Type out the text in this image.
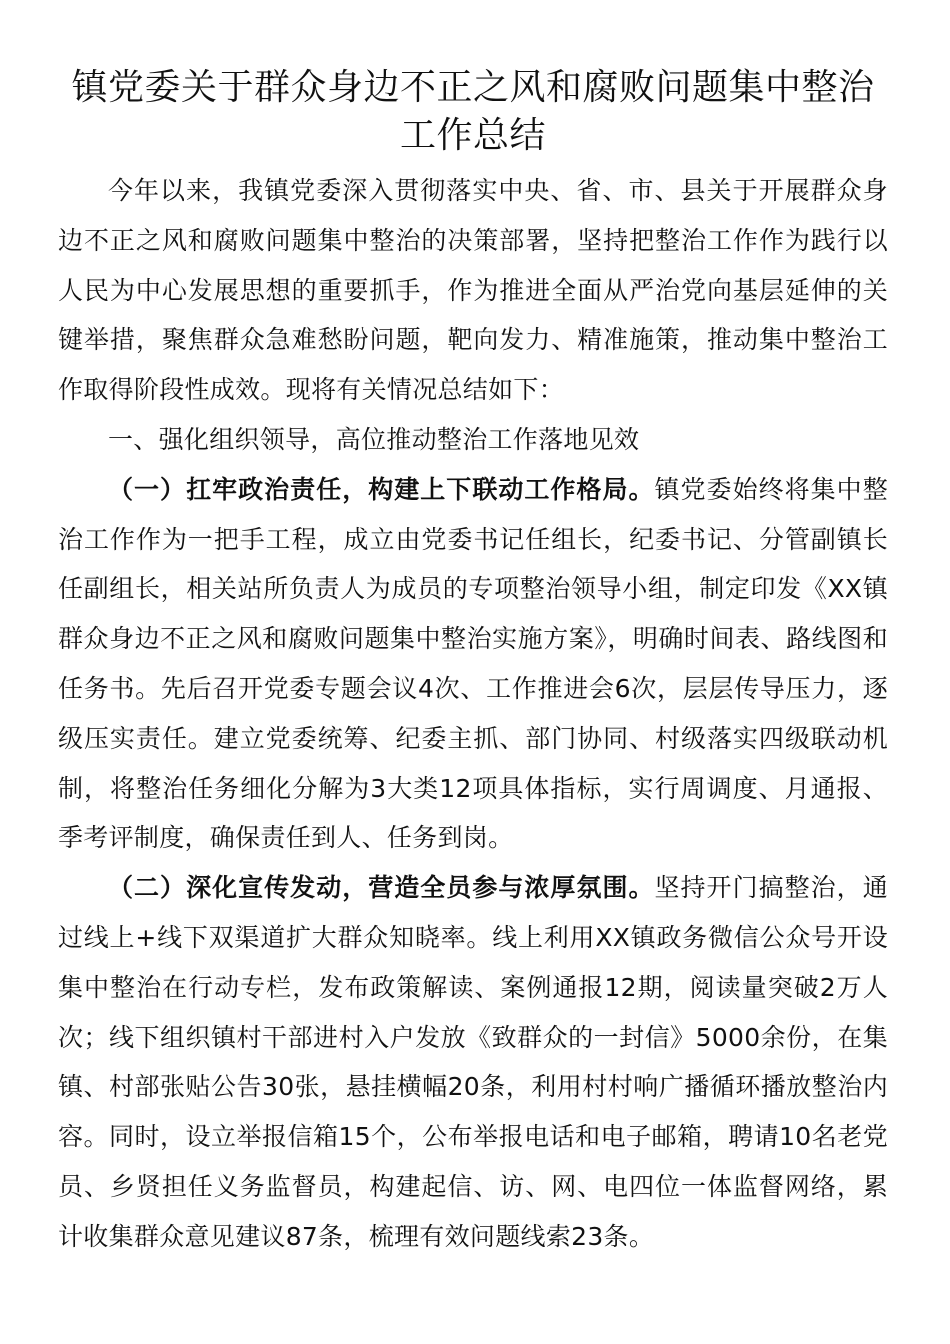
镇党委关于群众身边不正之风和腐败问题集中整治工作总结

今年以来，我镇党委深入贯彻落实中央、省、市、县关于开展群众身边不正之风和腐败问题集中整治的决策部署，坚持把整治工作作为践行以人民为中心发展思想的重要抓手，作为推进全面从严治党向基层延伸的关键举措，聚焦群众急难愁盼问题，靶向发力、精准施策，推动集中整治工作取得阶段性成效。现将有关情况总结如下：

一、强化组织领导，高位推动整治工作落地见效

（一）扛牢政治责任，构建上下联动工作格局。镇党委始终将集中整治工作作为一把手工程，成立由党委书记任组长，纪委书记、分管副镇长任副组长，相关站所负责人为成员的专项整治领导小组，制定印发《XX镇群众身边不正之风和腐败问题集中整治实施方案》，明确时间表、路线图和任务书。先后召开党委专题会议4次、工作推进会6次，层层传导压力，逐级压实责任。建立党委统筹、纪委主抓、部门协同、村级落实四级联动机制，将整治任务细化分解为3大类12项具体指标，实行周调度、月通报、季考评制度，确保责任到人、任务到岗。

（二）深化宣传发动，营造全员参与浓厚氛围。坚持开门搞整治，通过线上+线下双渠道扩大群众知晓率。线上利用XX镇政务微信公众号开设集中整治在行动专栏，发布政策解读、案例通报12期，阅读量突破2万人次；线下组织镇村干部进村入户发放《致群众的一封信》5000余份，在集镇、村部张贴公告30张，悬挂横幅20条，利用村村响广播循环播放整治内容。同时，设立举报信箱15个，公布举报电话和电子邮箱，聘请10名老党员、乡贤担任义务监督员，构建起信、访、网、电四位一体监督网络，累计收集群众意见建议87条，梳理有效问题线索23条。
